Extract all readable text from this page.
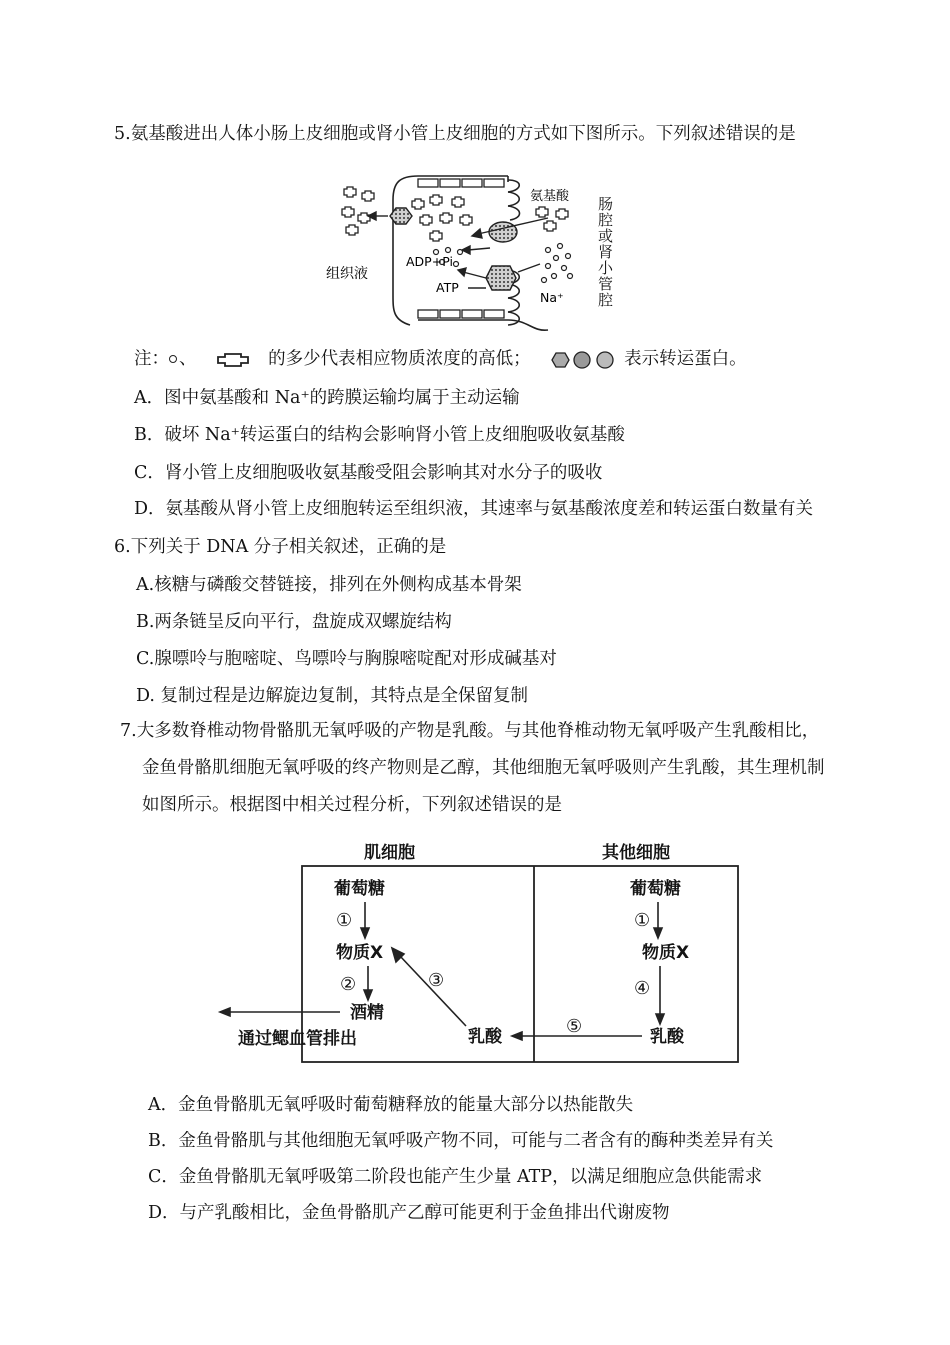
5.氨基酸进出人体小肠上皮细胞或肾小管上皮细胞的方式如下图所示。下列叙述错误的是
氨基酸
组织液
ADP+Pi
ATP
Na⁺
肠腔或肾小管腔
注： 、	的多少代表相应物质浓度的高低；	表示转运蛋白。
A．图中氨基酸和 Na⁺的跨膜运输均属于主动运输
B．破坏 Na⁺转运蛋白的结构会影响肾小管上皮细胞吸收氨基酸
C．肾小管上皮细胞吸收氨基酸受阻会影响其对水分子的吸收
D．氨基酸从肾小管上皮细胞转运至组织液，其速率与氨基酸浓度差和转运蛋白数量有关
6.下列关于 DNA 分子相关叙述，正确的是
A.核糖与磷酸交替链接，排列在外侧构成基本骨架
B.两条链呈反向平行，盘旋成双螺旋结构
C.腺嘌呤与胞嘧啶、鸟嘌呤与胸腺嘧啶配对形成碱基对
D. 复制过程是边解旋边复制，其特点是全保留复制
7.大多数脊椎动物骨骼肌无氧呼吸的产物是乳酸。与其他脊椎动物无氧呼吸产生乳酸相比，
金鱼骨骼肌细胞无氧呼吸的终产物则是乙醇，其他细胞无氧呼吸则产生乳酸，其生理机制
如图所示。根据图中相关过程分析，下列叙述错误的是
肌细胞	其他细胞
葡萄糖
物质X
酒精
通过鳃血管排出	乳酸
葡萄糖
物质X
乳酸
①
②	③
①
④
⑤
A．金鱼骨骼肌无氧呼吸时葡萄糖释放的能量大部分以热能散失
B．金鱼骨骼肌与其他细胞无氧呼吸产物不同，可能与二者含有的酶种类差异有关
C．金鱼骨骼肌无氧呼吸第二阶段也能产生少量 ATP，以满足细胞应急供能需求
D．与产乳酸相比，金鱼骨骼肌产乙醇可能更利于金鱼排出代谢废物
